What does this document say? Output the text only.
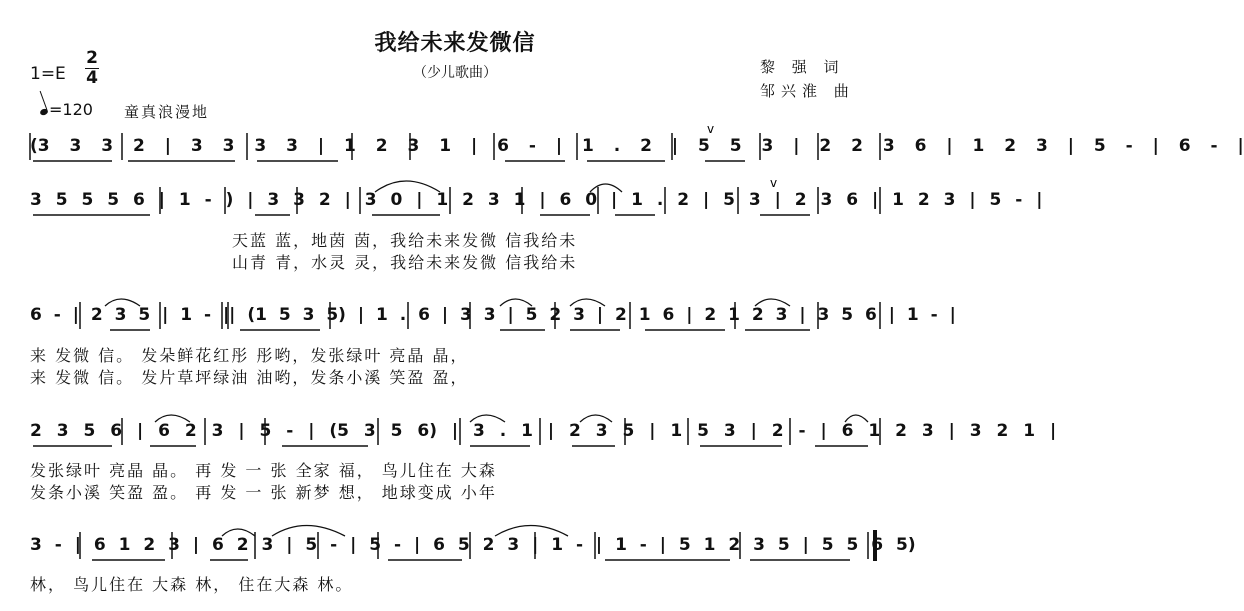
我给未来发微信
（少儿歌曲）	黎 强 词
邹兴淮 曲
1=E
2
4
=120 童真浪漫地
v
v
(3 3 3 2 | 3 3 3 3 | 1 2 3 1 | 6 - | 1 . 2 | 5 5 3 | 2 2 3 6 | 1 2 3 | 5 - | 6 - |
3 5 5 5 6 | 1 - ) | 3 3 2 | 3 0 | 1 2 3 1 | 6 0 | 1 . 2 | 5 3 | 2 3 6 | 1 2 3 | 5 - |
6 - | 2 3 5 | 1 - || (1 5 3 5) | 1 . 6 | 3 3 | 5 2 3 | 2 1 6 | 2 1 2 3 | 3 5 6 | 1 - |
2 3 5 6 | 6 2 3 | 5 - | (5 3 5 6) | 3 . 1 | 2 3 5 | 1 5 3 | 2 - | 6 1 2 3 | 3 2 1 |
3 - | 6 1 2 3 | 6 2 3 | 5 - | 5 - | 6 5 2 3 | 1 - | 1 - | 5 1 2 3 5 | 5 5 6 5)
天蓝 蓝，地茵 茵，我给未来发微 信我给未
山青 青，水灵 灵，我给未来发微 信我给未
来 发微 信。 发朵鲜花红彤 彤哟，发张绿叶 亮晶 晶，
来 发微 信。 发片草坪绿油 油哟，发条小溪 笑盈 盈，
发张绿叶 亮晶 晶。 再 发 一 张 全家 福， 鸟儿住在 大森
发条小溪 笑盈 盈。 再 发 一 张 新梦 想， 地球变成 小年
林， 鸟儿住在 大森 林， 住在大森 林。
